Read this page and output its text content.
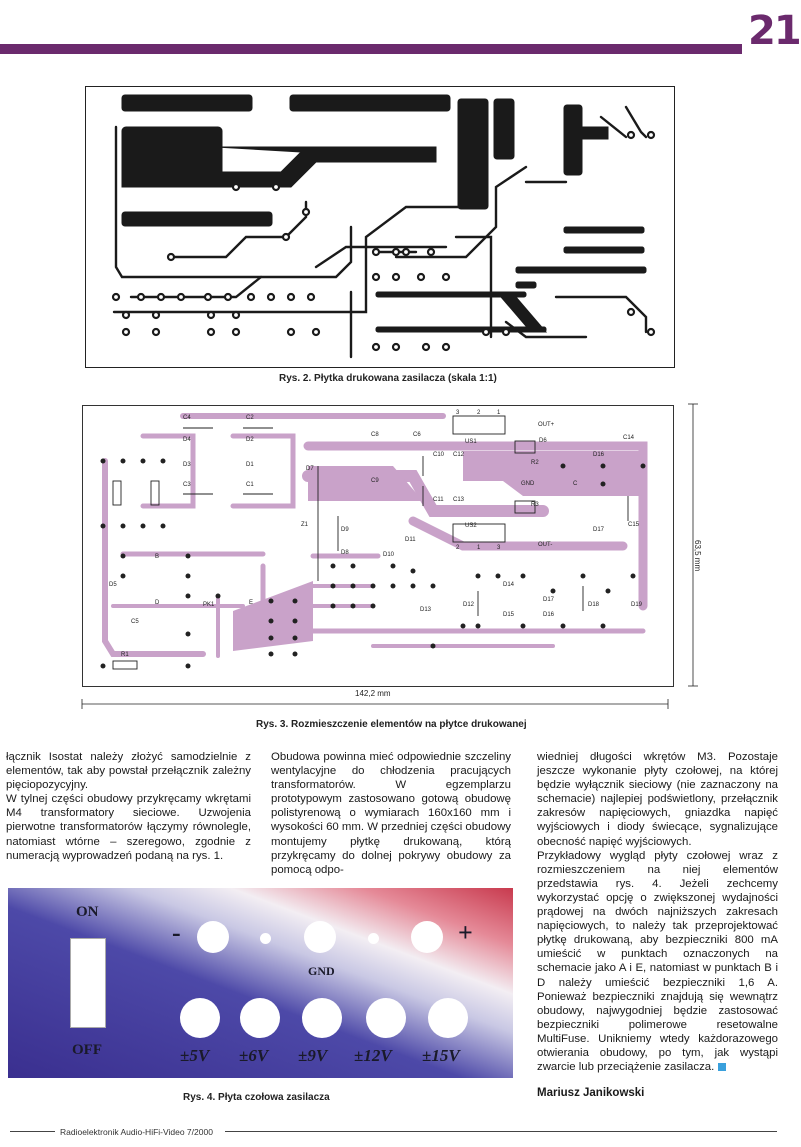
21
Rys. 2. Płytka drukowana zasilacza (skala 1:1)
C4
D4
D3
C3
C2
D2
D1
C1
PK1
C5
R1
D5
B
D	E
D7
Z1
D9
D8	D10
D11
D13
D12
D15
D14
D16
D17
D18	D19
C9
C8	C6
C10 C12
C11 C13
US1
US2
3	2	1
2	1	3
OUT+
OUT-
GND
R2
R3
D6	C14
D16
C15
D17
C
63,5 mm
142,2 mm
Rys. 3. Rozmieszczenie elementów na płytce drukowanej

łącznik Isostat należy złożyć samodzielnie z elementów, tak aby powstał przełącznik zależny pięciopozycyjny.
W tylnej części obudowy przykręcamy wkrętami M4 transformatory sieciowe. Uzwojenia pierwotne transformatorów łączymy równolegle, natomiast wtórne – szeregowo, zgodnie z numeracją wyprowadzeń podaną na rys. 1.

Obudowa powinna mieć odpowiednie szczeliny wentylacyjne do chłodzenia pracujących transformatorów. W egzemplarzu prototypowym zastosowano gotową obudowę polistyrenową o wymiarach 160x160 mm i wysokości 60 mm. W przedniej części obudowy montujemy płytkę drukowaną, którą przykręcamy do dolnej pokrywy obudowy za pomocą odpo-

wiedniej długości wkrętów M3. Pozostaje jeszcze wykonanie płyty czołowej, na której będzie wyłącznik sieciowy (nie zaznaczony na schemacie) najlepiej podświetlony, przełącznik zakresów napięciowych, gniazdka napięć wyjściowych i diody świecące, sygnalizujące obecność napięć wyjściowych.

Przykładowy wygląd płyty czołowej wraz z rozmieszczeniem na niej elementów przedstawia rys. 4. Jeżeli zechcemy wykorzystać opcję o zwiększonej wydajności prądowej na dwóch najniższych zakresach napięciowych, to należy tak przeprojektować płytkę drukowaną, aby bezpieczniki 800 mA umieścić w punktach oznaczonych na schemacie jako A i E, natomiast w punktach B i D należy umieścić bezpieczniki 1,6 A. Ponieważ bezpieczniki znajdują się wewnątrz obudowy, najwygodniej będzie zastosować bezpieczniki polimerowe resetowalne MultiFuse. Unikniemy wtedy każdorazowego otwierania obudowy, po tym, jak wystąpi zwarcie lub przeciążenie zasilacza.

ON
OFF
-	+
GND
±5V ±6V ±9V ±12V ±15V
Rys. 4. Płyta czołowa zasilacza	Mariusz Janikowski
Radioelektronik Audio-HiFi-Video 7/2000
